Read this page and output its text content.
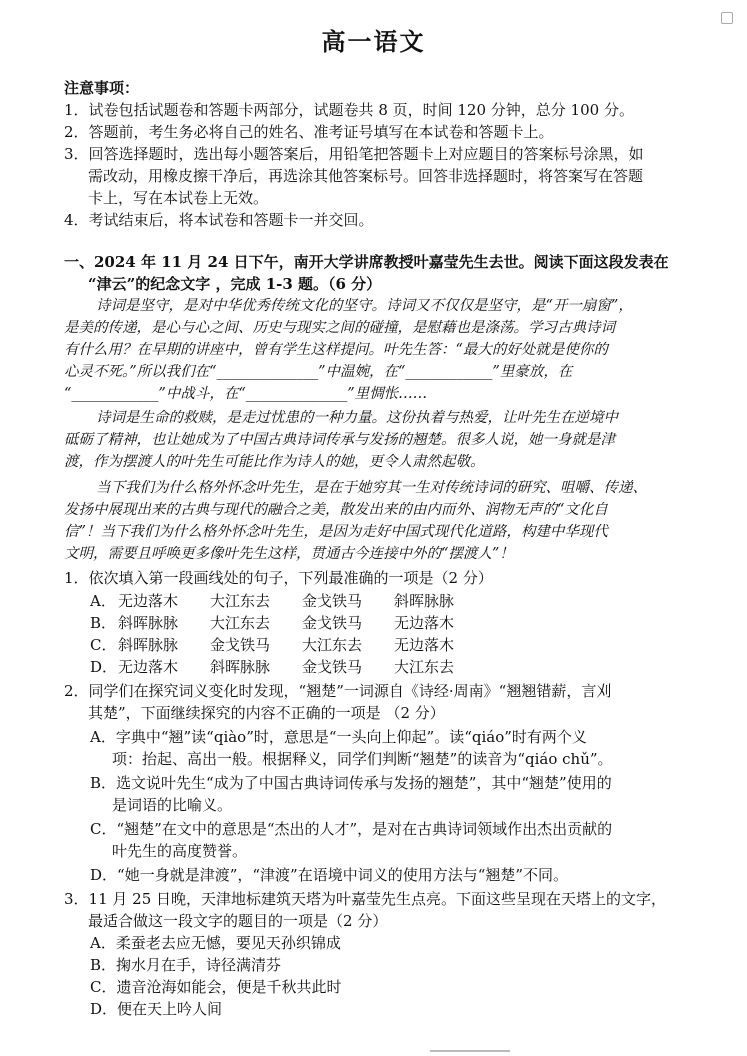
高一语文
注意事项：
1．试卷包括试题卷和答题卡两部分，试题卷共 8 页，时间 120 分钟，总分 100 分。
2．答题前，考生务必将自己的姓名、准考证号填写在本试卷和答题卡上。
3．回答选择题时，选出每小题答案后，用铅笔把答题卡上对应题目的答案标号涂黑，如
需改动，用橡皮擦干净后，再选涂其他答案标号。回答非选择题时，将答案写在答题
卡上，写在本试卷上无效。
4．考试结束后，将本试卷和答题卡一并交回。
一、2024 年 11 月 24 日下午，南开大学讲席教授叶嘉莹先生去世。阅读下面这段发表在
“津云”的纪念文字 ，完成 1-3 题。（6 分）
诗词是坚守，是对中华优秀传统文化的坚守。诗词又不仅仅是坚守，是“开一扇窗”，
是美的传递，是心与心之间、历史与现实之间的碰撞，是慰藉也是涤荡。学习古典诗词
有什么用？在早期的讲座中，曾有学生这样提问。叶先生答：“最大的好处就是使你的
心灵不死。”所以我们在“______________”中温婉，在“____________”里豪放，在
“____________”中战斗，在“______________”里惆怅……
诗词是生命的救赎，是走过忧患的一种力量。这份执着与热爱，让叶先生在逆境中
砥砺了精神，也让她成为了中国古典诗词传承与发扬的翘楚。很多人说，她一身就是津
渡，作为摆渡人的叶先生可能比作为诗人的她，更令人肃然起敬。
当下我们为什么格外怀念叶先生，是在于她穷其一生对传统诗词的研究、咀嚼、传递、
发扬中展现出来的古典与现代的融合之美，散发出来的由内而外、润物无声的“文化自
信”！当下我们为什么格外怀念叶先生，是因为走好中国式现代化道路，构建中华现代
文明，需要且呼唤更多像叶先生这样，贯通古今连接中外的“摆渡人”！
1．依次填入第一段画线处的句子，下列最准确的一项是（2 分）
A． 无边落木 大江东去 金戈铁马 斜晖脉脉
B． 斜晖脉脉 大江东去 金戈铁马 无边落木
C． 斜晖脉脉 金戈铁马 大江东去 无边落木
D．无边落木 斜晖脉脉 金戈铁马 大江东去
2．同学们在探究词义变化时发现，“翘楚”一词源自《诗经·周南》“翘翘错薪，言刈
其楚”，下面继续探究的内容不正确的一项是 （2 分）
A．字典中“翘”读“qiào”时，意思是“一头向上仰起”。读“qiáo”时有两个义
项：抬起、高出一般。根据释义，同学们判断“翘楚”的读音为“qiáo chǔ”。
B．选文说叶先生“成为了中国古典诗词传承与发扬的翘楚”，其中“翘楚”使用的
是词语的比喻义。
C．“翘楚”在文中的意思是“杰出的人才”，是对在古典诗词领域作出杰出贡献的
叶先生的高度赞誉。
D．“她一身就是津渡”，“津渡”在语境中词义的使用方法与“翘楚”不同。
3．11 月 25 日晚，天津地标建筑天塔为叶嘉莹先生点亮。下面这些呈现在天塔上的文字，
最适合做这一段文字的题目的一项是（2 分）
A．柔蚕老去应无憾，要见天孙织锦成
B．掬水月在手，诗径满清芬
C．遗音沧海如能会，便是千秋共此时
D．便在天上吟人间
